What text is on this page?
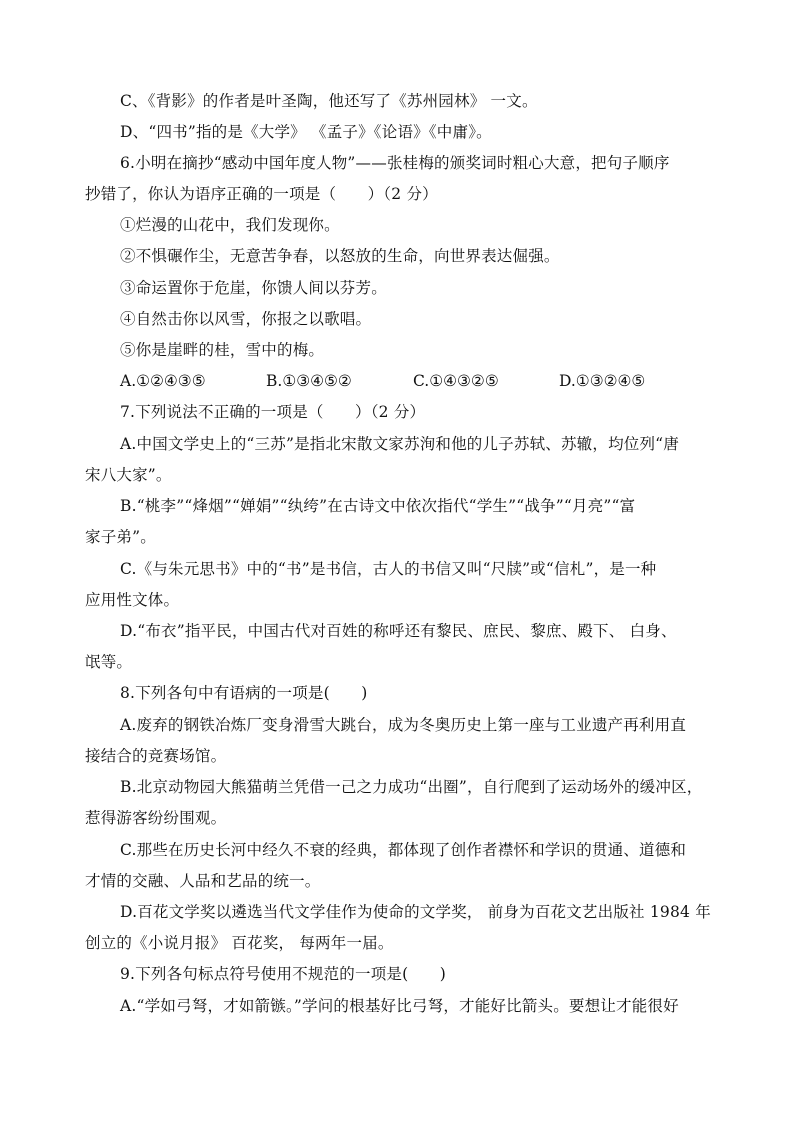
C、《背影》的作者是叶圣陶，他还写了《苏州园林》 一文。
D、“四书”指的是《大学》 《孟子》《论语》《中庸》。
6.小明在摘抄“感动中国年度人物”——张桂梅的颁奖词时粗心大意，把句子顺序
抄错了，你认为语序正确的一项是（　　）（2 分）
①烂漫的山花中，我们发现你。
②不惧碾作尘，无意苦争春，以怒放的生命，向世界表达倔强。
③命运置你于危崖，你馈人间以芬芳。
④自然击你以风雪，你报之以歌唱。
⑤你是崖畔的桂，雪中的梅。
A.①②④③⑤	B.①③④⑤②	C.①④③②⑤	D.①③②④⑤
7.下列说法不正确的一项是（　　）（2 分）
A.中国文学史上的“三苏”是指北宋散文家苏洵和他的儿子苏轼、苏辙，均位列“唐
宋八大家”。
B.“桃李”“烽烟”“婵娟”“纨绔”在古诗文中依次指代“学生”“战争”“月亮”“富
家子弟”。
C.《与朱元思书》中的“书”是书信，古人的书信又叫“尺牍”或“信札”，是一种
应用性文体。
D.“布衣”指平民，中国古代对百姓的称呼还有黎民、庶民、黎庶、殿下、 白身、
氓等。
8.下列各句中有语病的一项是(　　)
A.废弃的钢铁冶炼厂变身滑雪大跳台，成为冬奥历史上第一座与工业遗产再利用直
接结合的竞赛场馆。
B.北京动物园大熊猫萌兰凭借一己之力成功“出圈”，自行爬到了运动场外的缓冲区，
惹得游客纷纷围观。
C.那些在历史长河中经久不衰的经典，都体现了创作者襟怀和学识的贯通、道德和
才情的交融、人品和艺品的统一。
D.百花文学奖以遴选当代文学佳作为使命的文学奖， 前身为百花文艺出版社 1984 年
创立的《小说月报》 百花奖， 每两年一届。
9.下列各句标点符号使用不规范的一项是(　　)
A.“学如弓弩，才如箭镞。”学问的根基好比弓弩，才能好比箭头。要想让才能很好
